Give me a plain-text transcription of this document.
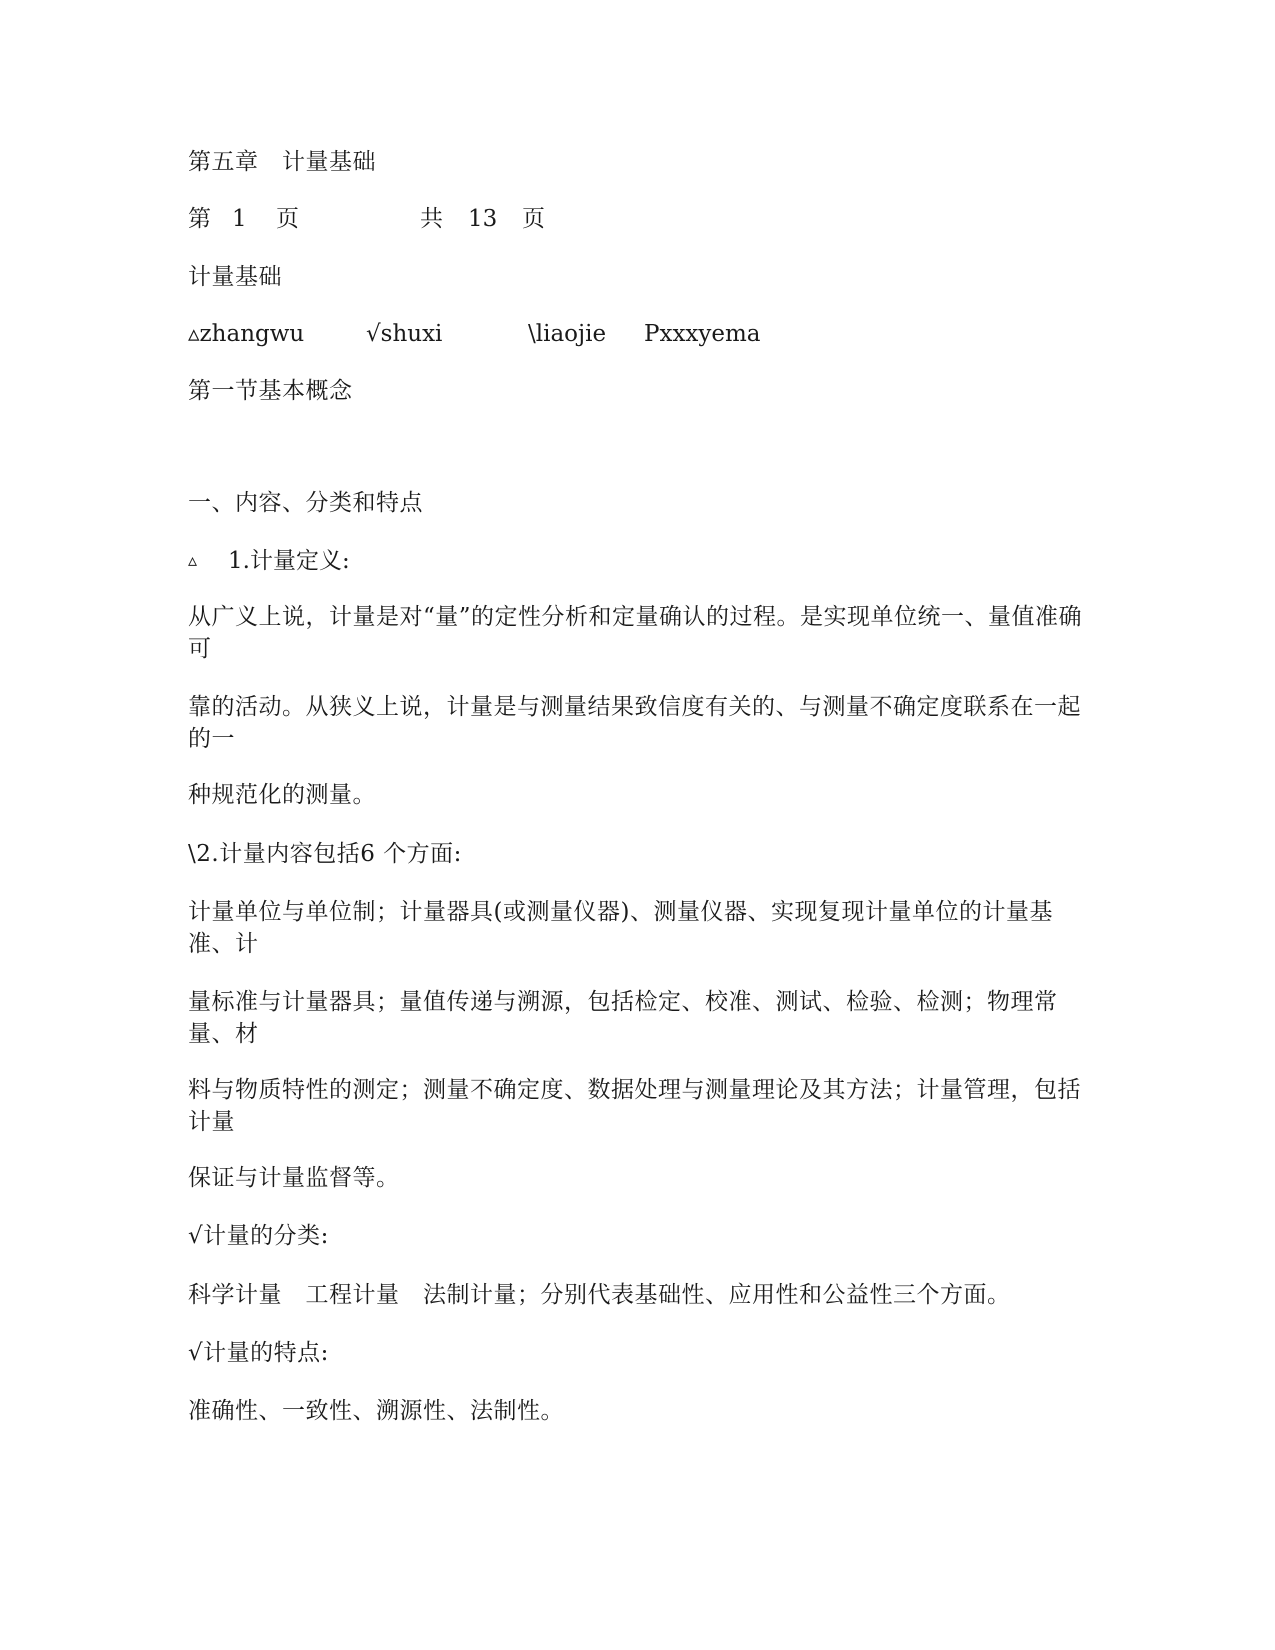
第五章　计量基础
第 1 页	共 13 页
计量基础
▵zhangwu	√shuxi	\liaojie Pxxxyema
第一节基本概念
一、内容、分类和特点
▵ 1.计量定义:
从广义上说，计量是对“量”的定性分析和定量确认的过程。是实现单位统一、量值准确可
靠的活动。从狭义上说，计量是与测量结果致信度有关的、与测量不确定度联系在一起的一
种规范化的测量。
\2.计量内容包括6 个方面:
计量单位与单位制；计量器具(或测量仪器)、测量仪器、实现复现计量单位的计量基准、计
量标准与计量器具；量值传递与溯源，包括检定、校准、测试、检验、检测；物理常量、材
料与物质特性的测定；测量不确定度、数据处理与测量理论及其方法；计量管理，包括计量
保证与计量监督等。
√计量的分类:
科学计量　工程计量　法制计量；分别代表基础性、应用性和公益性三个方面。
√计量的特点:
准确性、一致性、溯源性、法制性。
